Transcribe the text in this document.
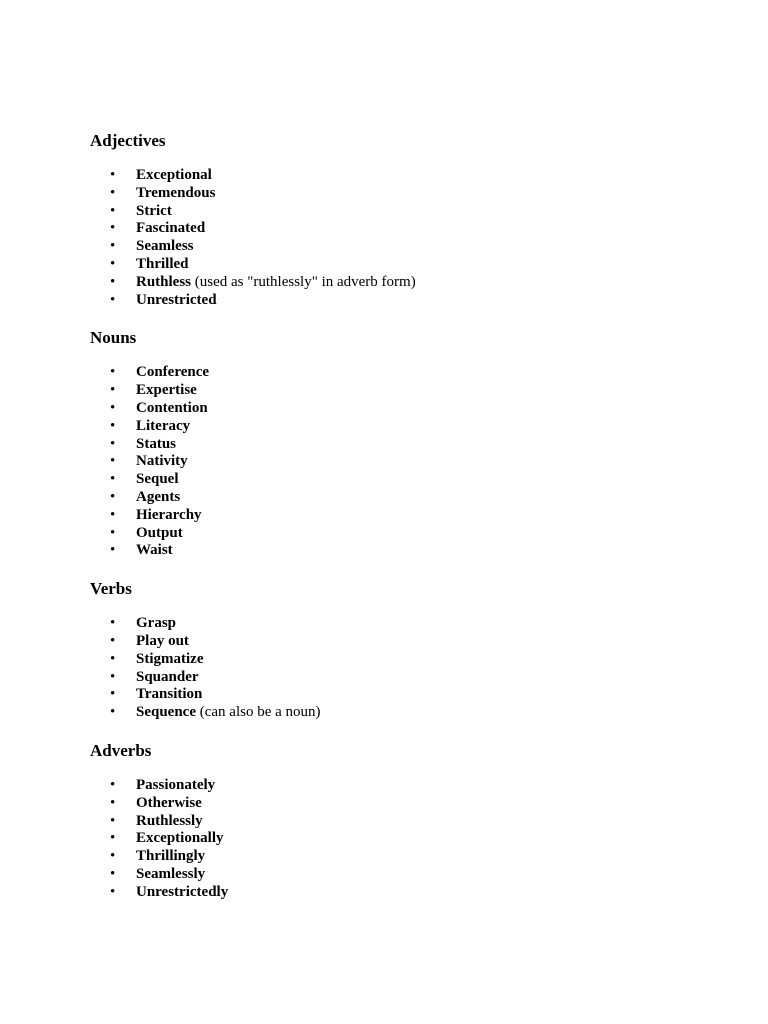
Adjectives
• Exceptional
• Tremendous
• Strict
• Fascinated
• Seamless
• Thrilled
• Ruthless (used as "ruthlessly" in adverb form)
• Unrestricted
Nouns
• Conference
• Expertise
• Contention
• Literacy
• Status
• Nativity
• Sequel
• Agents
• Hierarchy
• Output
• Waist
Verbs
• Grasp
• Play out
• Stigmatize
• Squander
• Transition
• Sequence (can also be a noun)
Adverbs
• Passionately
• Otherwise
• Ruthlessly
• Exceptionally
• Thrillingly
• Seamlessly
• Unrestrictedly
